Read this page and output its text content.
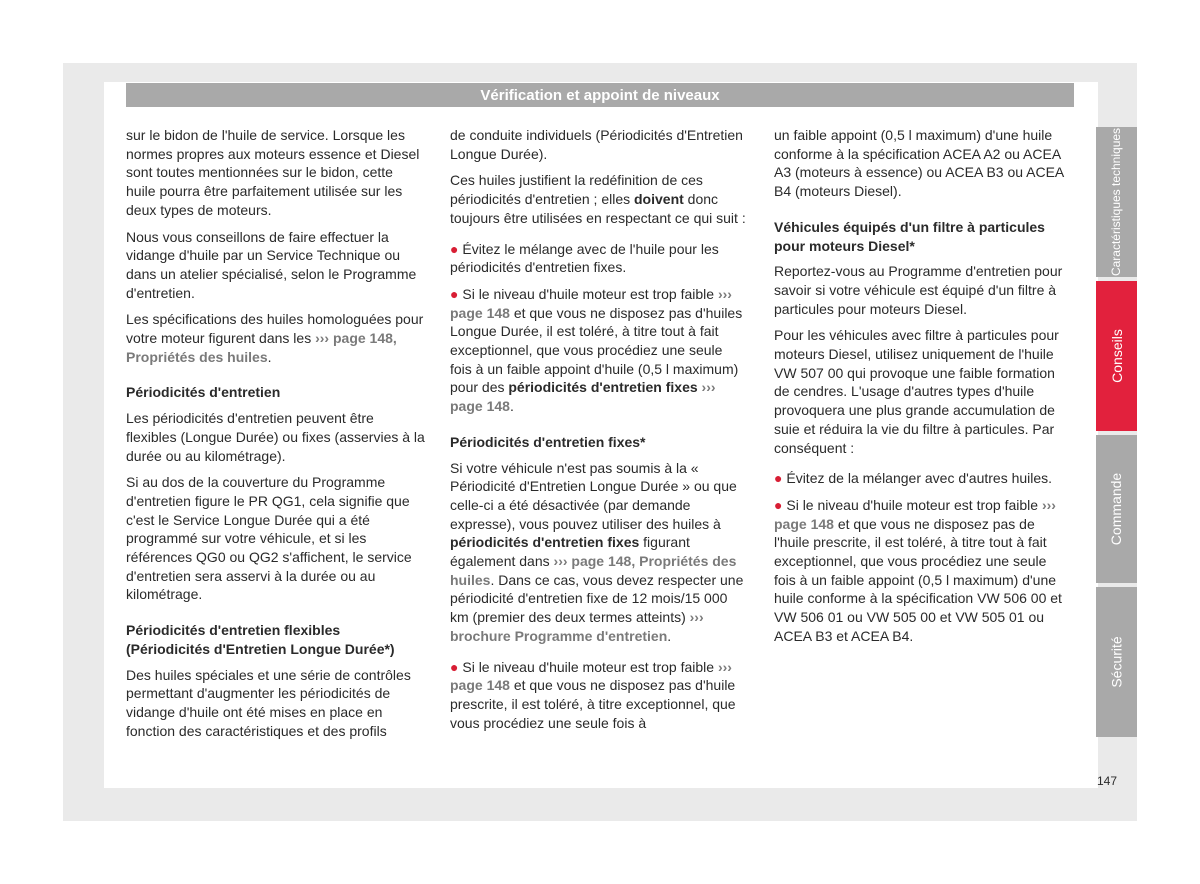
Vérification et appoint de niveaux

sur le bidon de l'huile de service. Lorsque les normes propres aux moteurs essence et Diesel sont toutes mentionnées sur le bidon, cette huile pourra être parfaitement utilisée sur les deux types de moteurs.

Nous vous conseillons de faire effectuer la vidange d'huile par un Service Technique ou dans un atelier spécialisé, selon le Programme d'entretien.

Les spécifications des huiles homologuées pour votre moteur figurent dans les ››› page 148, Propriétés des huiles.

Périodicités d'entretien

Les périodicités d'entretien peuvent être flexibles (Longue Durée) ou fixes (asservies à la durée ou au kilométrage).

Si au dos de la couverture du Programme d'entretien figure le PR QG1, cela signifie que c'est le Service Longue Durée qui a été programmé sur votre véhicule, et si les références QG0 ou QG2 s'affichent, le service d'entretien sera asservi à la durée ou au kilométrage.

Périodicités d'entretien flexibles (Périodicités d'Entretien Longue Durée*)

Des huiles spéciales et une série de contrôles permettant d'augmenter les périodicités de vidange d'huile ont été mises en place en fonction des caractéristiques et des profils

de conduite individuels (Périodicités d'Entretien Longue Durée).

Ces huiles justifient la redéfinition de ces périodicités d'entretien ; elles doivent donc toujours être utilisées en respectant ce qui suit :

● Évitez le mélange avec de l'huile pour les périodicités d'entretien fixes.

● Si le niveau d'huile moteur est trop faible ››› page 148 et que vous ne disposez pas d'huiles Longue Durée, il est toléré, à titre tout à fait exceptionnel, que vous procédiez une seule fois à un faible appoint d'huile (0,5 l maximum) pour des périodicités d'entretien fixes ››› page 148.

Périodicités d'entretien fixes*

Si votre véhicule n'est pas soumis à la « Périodicité d'Entretien Longue Durée » ou que celle-ci a été désactivée (par demande expresse), vous pouvez utiliser des huiles à périodicités d'entretien fixes figurant également dans ››› page 148, Propriétés des huiles. Dans ce cas, vous devez respecter une périodicité d'entretien fixe de 12 mois/15 000 km (premier des deux termes atteints) ››› brochure Programme d'entretien.

● Si le niveau d'huile moteur est trop faible ››› page 148 et que vous ne disposez pas d'huile prescrite, il est toléré, à titre exceptionnel, que vous procédiez une seule fois à

un faible appoint (0,5 l maximum) d'une huile conforme à la spécification ACEA A2 ou ACEA A3 (moteurs à essence) ou ACEA B3 ou ACEA B4 (moteurs Diesel).

Véhicules équipés d'un filtre à particules pour moteurs Diesel*

Reportez-vous au Programme d'entretien pour savoir si votre véhicule est équipé d'un filtre à particules pour moteurs Diesel.

Pour les véhicules avec filtre à particules pour moteurs Diesel, utilisez uniquement de l'huile VW 507 00 qui provoque une faible formation de cendres. L'usage d'autres types d'huile provoquera une plus grande accumulation de suie et réduira la vie du filtre à particules. Par conséquent :

● Évitez de la mélanger avec d'autres huiles.

● Si le niveau d'huile moteur est trop faible ››› page 148 et que vous ne disposez pas de l'huile prescrite, il est toléré, à titre tout à fait exceptionnel, que vous procédiez une seule fois à un faible appoint (0,5 l maximum) d'une huile conforme à la spécification VW 506 00 et VW 506 01 ou VW 505 00 et VW 505 01 ou ACEA B3 et ACEA B4.

Caractéristiques techniques
Conseils
Commande
Sécurité
147
